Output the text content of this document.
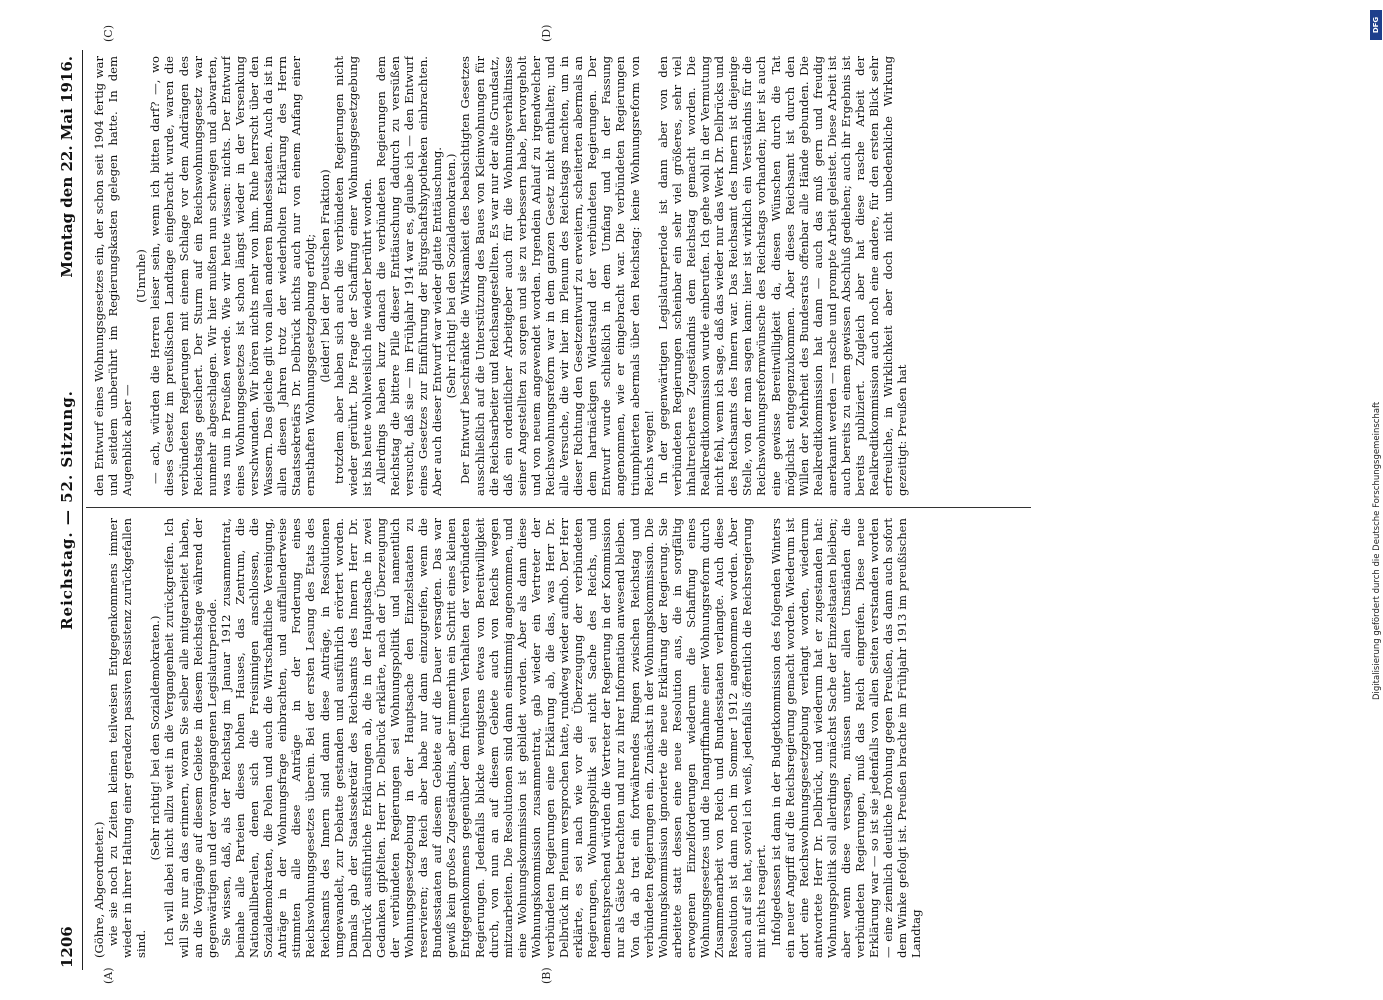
1206
Reichstag. — 52. Sitzung.
Montag den 22. Mai 1916.
(A)	(B)
(C)	(D)

(Göhre, Abgeordneter.) wie sie noch zu Zeiten kleinen teilweisen Entgegenkommens immer wieder in ihrer Haltung einer geradezu passiven Resistenz zurückgefallen sind.

(Sehr richtig! bei den Sozialdemokraten.) Ich will dabei nicht allzu weit in die Vergangenheit zurückgreifen. Ich will Sie nur an das erinnern, woran Sie selber alle mitgearbeitet haben, an die Vorgänge auf diesem Gebiete in diesem Reichstage während der gegenwärtigen und der vorangegangenen Legislaturperiode. Sie wissen, daß, als der Reichstag im Januar 1912 zusammentrat, beinahe alle Parteien dieses hohen Hauses, das Zentrum, die Nationalliberalen, denen sich die Freisinnigen anschlossen, die Sozialdemokraten, die Polen und auch die Wirtschaftliche Vereinigung, Anträge in der Wohnungsfrage einbrachten, und auffallenderweise stimmten alle diese Anträge in der Forderung eines Reichswohnungsgesetzes überein. Bei der ersten Lesung des Etats des Reichsamts des Innern sind dann diese Anträge, in Resolutionen umgewandelt, zur Debatte gestanden und ausführlich erörtert worden. Damals gab der Staatssekretär des Reichsamts des Innern Herr Dr. Delbrück ausführliche Erklärungen ab, die in der Hauptsache in zwei Gedanken gipfelten. Herr Dr. Delbrück erklärte, nach der Überzeugung der verbündeten Regierungen sei Wohnungspolitik und namentlich Wohnungsgesetzgebung in der Hauptsache den Einzelstaaten zu reservieren; das Reich aber habe nur dann einzugreifen, wenn die Bundesstaaten auf diesem Gebiete auf die Dauer versagten. Das war gewiß kein großes Zugeständnis, aber immerhin ein Schritt eines kleinen Entgegenkommens gegenüber dem früheren Verhalten der verbündeten Regierungen. Jedenfalls blickte wenigstens etwas von Bereitwilligkeit durch, von nun an auf diesem Gebiete auch von Reichs wegen mitzuarbeiten. Die Resolutionen sind dann einstimmig angenommen, und eine Wohnungskommission ist gebildet worden. Aber als dann diese Wohnungskommission zusammentrat, gab wieder ein Vertreter der verbündeten Regierungen eine Erklärung ab, die das, was Herr Dr. Delbrück im Plenum versprochen hatte, rundweg wieder aufhob. Der Herr erklärte, es sei nach wie vor die Überzeugung der verbündeten Regierungen, Wohnungspolitik sei nicht Sache des Reichs, und dementsprechend würden die Vertreter der Regierung in der Kommission nur als Gäste betrachten und nur zu ihrer Information anwesend bleiben. Von da ab trat ein fortwährendes Ringen zwischen Reichstag und verbündeten Regierungen ein. Zunächst in der Wohnungskommission. Die Wohnungskommission ignorierte die neue Erklärung der Regierung. Sie arbeitete statt dessen eine neue Resolution aus, die in sorgfältig erwogenen Einzelforderungen wiederum die Schaffung eines Wohnungsgesetzes und die Inangriffnahme einer Wohnungsreform durch Zusammenarbeit von Reich und Bundesstaaten verlangte. Auch diese Resolution ist dann noch im Sommer 1912 angenommen worden. Aber auch auf sie hat, soviel ich weiß, jedenfalls öffentlich die Reichsregierung mit nichts reagiert. Infolgedessen ist dann in der Budgetkommission des folgenden Winters ein neuer Angriff auf die Reichsregierung gemacht worden. Wiederum ist dort eine Reichswohnungsgesetzgebung verlangt worden, wiederum antwortete Herr Dr. Delbrück, und wiederum hat er zugestanden hat: Wohnungspolitik soll allerdings zunächst Sache der Einzelstaaten bleiben; aber wenn diese versagen, müssen unter allen Umständen die verbündeten Regierungen, muß das Reich eingreifen. Diese neue Erklärung war — so ist sie jedenfalls von allen Seiten verstanden worden — eine ziemlich deutliche Drohung gegen Preußen, das dann auch sofort dem Winke gefolgt ist. Preußen brachte im Frühjahr 1913 im preußischen Landtag

den Entwurf eines Wohnungsgesetzes ein, der schon seit 1904 fertig war und seitdem unberührt im Regierungskasten gelegen hatte. In dem Augenblick aber —

(Unruhe) — ach, würden die Herren leiser sein, wenn ich bitten darf? —, wo dieses Gesetz im preußischen Landtage eingebracht wurde, waren die verbündeten Regierungen mit einem Schlage vor dem Andrängen des Reichstags gesichert. Der Sturm auf ein Reichswohnungsgesetz war nunmehr abgeschlagen. Wir hier mußten nun schweigen und abwarten, was nun in Preußen werde. Wie wir heute wissen: nichts. Der Entwurf eines Wohnungsgesetzes ist schon längst wieder in der Versenkung verschwunden. Wir hören nichts mehr von ihm. Ruhe herrscht über den Wassern. Das gleiche gilt von allen anderen Bundesstaaten. Auch da ist in allen diesen Jahren trotz der wiederholten Erklärung des Herrn Staatssekretärs Dr. Delbrück nichts auch nur von einem Anfang einer ernsthaften Wohnungsgesetzgebung erfolgt; (leider! bei der Deutschen Fraktion) trotzdem aber haben sich auch die verbündeten Regierungen nicht wieder gerührt. Die Frage der Schaffung einer Wohnungsgesetzgebung ist bis heute wohlweislich nie wieder berührt worden. Allerdings haben kurz danach die verbündeten Regierungen dem Reichstag die bittere Pille dieser Enttäuschung dadurch zu versüßen versucht, daß sie — im Frühjahr 1914 war es, glaube ich — den Entwurf eines Gesetzes zur Einführung der Bürgschaftshypotheken einbrachten. Aber auch dieser Entwurf war wieder glatte Enttäuschung. (Sehr richtig! bei den Sozialdemokraten.) Der Entwurf beschränkte die Wirksamkeit des beabsichtigten Gesetzes ausschließlich auf die Unterstützung des Baues von Kleinwohnungen für die Reichsarbeiter und Reichsangestellten. Es war nur der alte Grundsatz, daß ein ordentlicher Arbeitgeber auch für die Wohnungsverhältnisse seiner Angestellten zu sorgen und sie zu verbessern habe, hervorgeholt und von neuem angewendet worden. Irgendein Anlauf zu irgendwelcher Reichswohnungsreform war in dem ganzen Gesetz nicht enthalten; und alle Versuche, die wir hier im Plenum des Reichstags machten, um in dieser Richtung den Gesetzentwurf zu erweitern, scheiterten abermals an dem hartnäckigen Widerstand der verbündeten Regierungen. Der Entwurf wurde schließlich in dem Umfang und in der Fassung angenommen, wie er eingebracht war. Die verbündeten Regierungen triumphierten abermals über den Reichstag: keine Wohnungsreform von Reichs wegen! In der gegenwärtigen Legislaturperiode ist dann aber von den verbündeten Regierungen scheinbar ein sehr viel größeres, sehr viel inhaltreicheres Zugeständnis dem Reichstag gemacht worden. Die Realkreditkommission wurde einberufen. Ich gehe wohl in der Vermutung nicht fehl, wenn ich sage, daß das wieder nur das Werk Dr. Delbrücks und des Reichsamts des Innern war. Das Reichsamt des Innern ist diejenige Stelle, von der man sagen kann: hier ist wirklich ein Verständnis für die Reichswohnungsreformwünsche des Reichstags vorhanden; hier ist auch eine gewisse Bereitwilligkeit da, diesen Wünschen durch die Tat möglichst entgegenzukommen. Aber dieses Reichsamt ist durch den Willen der Mehrheit des Bundesrats offenbar alle Hände gebunden. Die Realkreditkommission hat dann — auch das muß gern und freudig anerkannt werden — rasche und prompte Arbeit geleistet. Diese Arbeit ist auch bereits zu einem gewissen Abschluß gediehen; auch ihr Ergebnis ist bereits publiziert. Zugleich aber hat diese rasche Arbeit der Realkreditkommission auch noch eine andere, für den ersten Blick sehr erfreuliche, in Wirklichkeit aber doch nicht unbedenkliche Wirkung gezeitigt: Preußen hat

DFG
Digitalisierung gefördert durch die Deutsche Forschungsgemeinschaft
